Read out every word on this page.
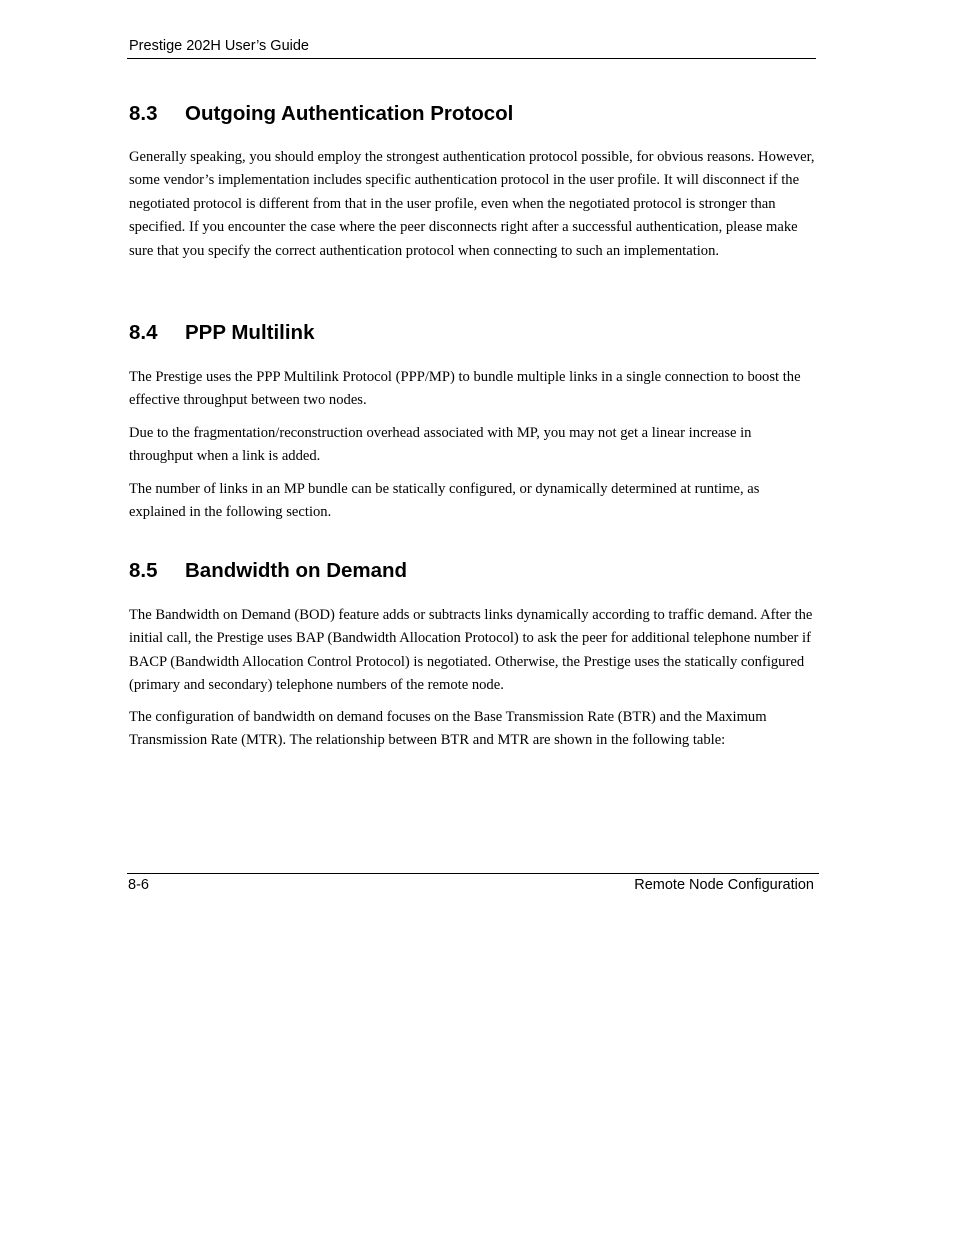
Prestige 202H User’s Guide
8.3 Outgoing Authentication Protocol

Generally speaking, you should employ the strongest authentication protocol possible, for obvious reasons. However, some vendor’s implementation includes specific authentication protocol in the user profile. It will disconnect if the negotiated protocol is different from that in the user profile, even when the negotiated protocol is stronger than specified. If you encounter the case where the peer disconnects right after a successful authentication, please make sure that you specify the correct authentication protocol when connecting to such an implementation.

8.4 PPP Multilink

The Prestige uses the PPP Multilink Protocol (PPP/MP) to bundle multiple links in a single connection to boost the effective throughput between two nodes.

Due to the fragmentation/reconstruction overhead associated with MP, you may not get a linear increase in throughput when a link is added.

The number of links in an MP bundle can be statically configured, or dynamically determined at runtime, as explained in the following section.

8.5 Bandwidth on Demand

The Bandwidth on Demand (BOD) feature adds or subtracts links dynamically according to traffic demand. After the initial call, the Prestige uses BAP (Bandwidth Allocation Protocol) to ask the peer for additional telephone number if BACP (Bandwidth Allocation Control Protocol) is negotiated. Otherwise, the Prestige uses the statically configured (primary and secondary) telephone numbers of the remote node.

The configuration of bandwidth on demand focuses on the Base Transmission Rate (BTR) and the Maximum Transmission Rate (MTR). The relationship between BTR and MTR are shown in the following table:

8-6	Remote Node Configuration
